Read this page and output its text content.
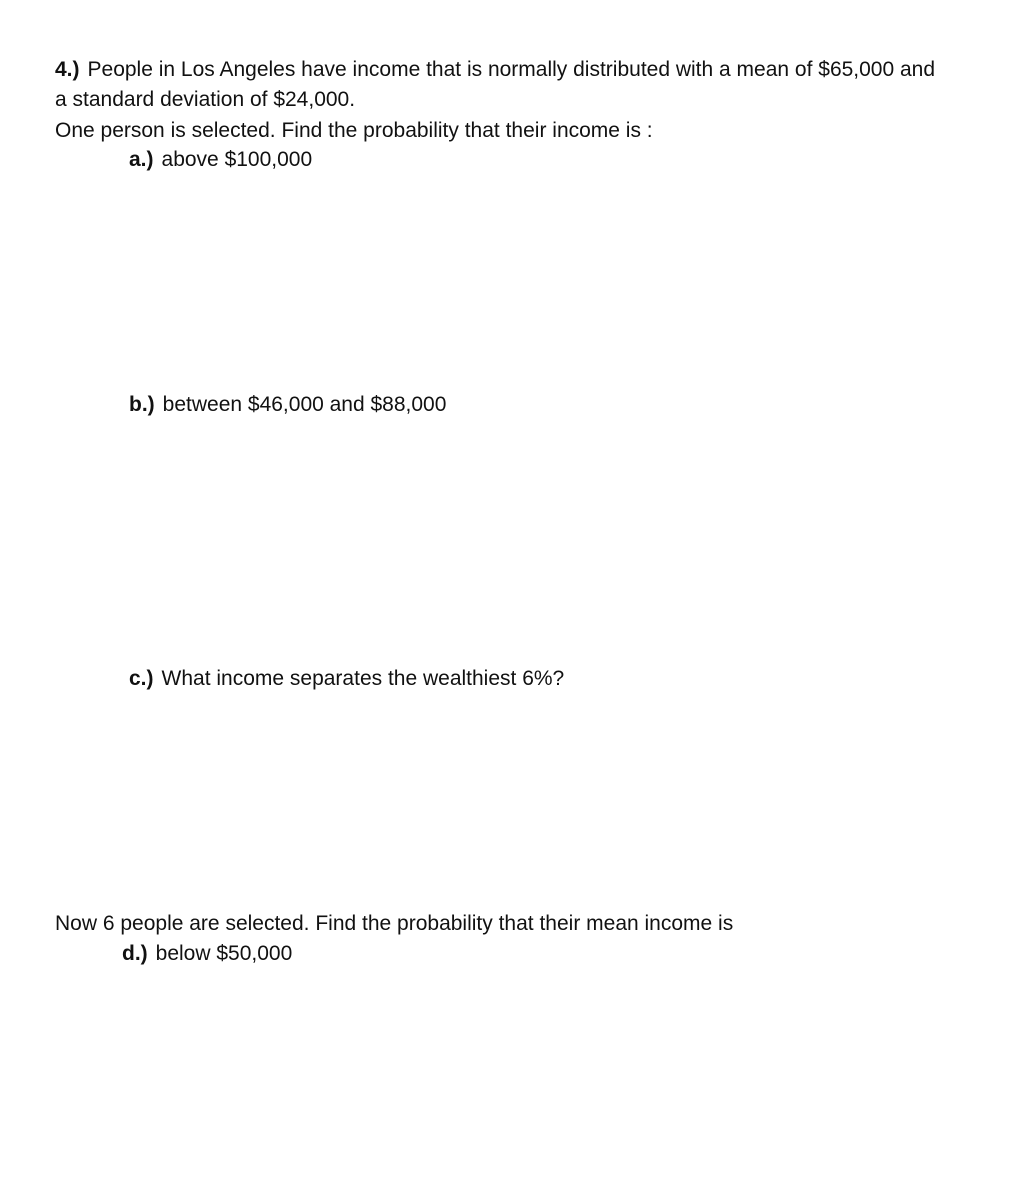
4.) People in Los Angeles have income that is normally distributed with a mean of $65,000 and
a standard deviation of $24,000.
One person is selected. Find the probability that their income is :
a.) above $100,000
b.) between $46,000 and $88,000
c.) What income separates the wealthiest 6%?
Now 6 people are selected. Find the probability that their mean income is
d.) below $50,000
